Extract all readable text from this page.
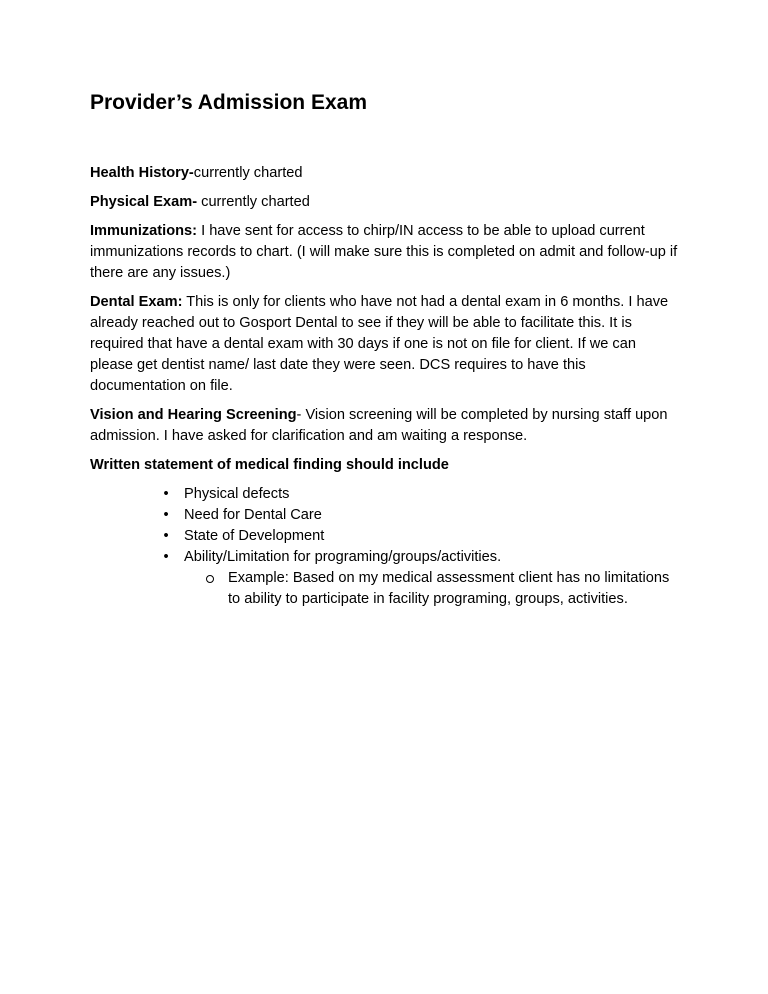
Provider’s Admission Exam

Health History-currently charted

Physical Exam- currently charted

Immunizations: I have sent for access to chirp/IN access to be able to upload current immunizations records to chart. (I will make sure this is completed on admit and follow-up if there are any issues.)

Dental Exam: This is only for clients who have not had a dental exam in 6 months. I have already reached out to Gosport Dental to see if they will be able to facilitate this. It is required that have a dental exam with 30 days if one is not on file for client. If we can please get dentist name/ last date they were seen. DCS requires to have this documentation on file.

Vision and Hearing Screening- Vision screening will be completed by nursing staff upon admission. I have asked for clarification and am waiting a response.

Written statement of medical finding should include

• Physical defects
• Need for Dental Care
• State of Development
• Ability/Limitation for programing/groups/activities.
Example: Based on my medical assessment client has no limitations to ability to participate in facility programing, groups, activities.
